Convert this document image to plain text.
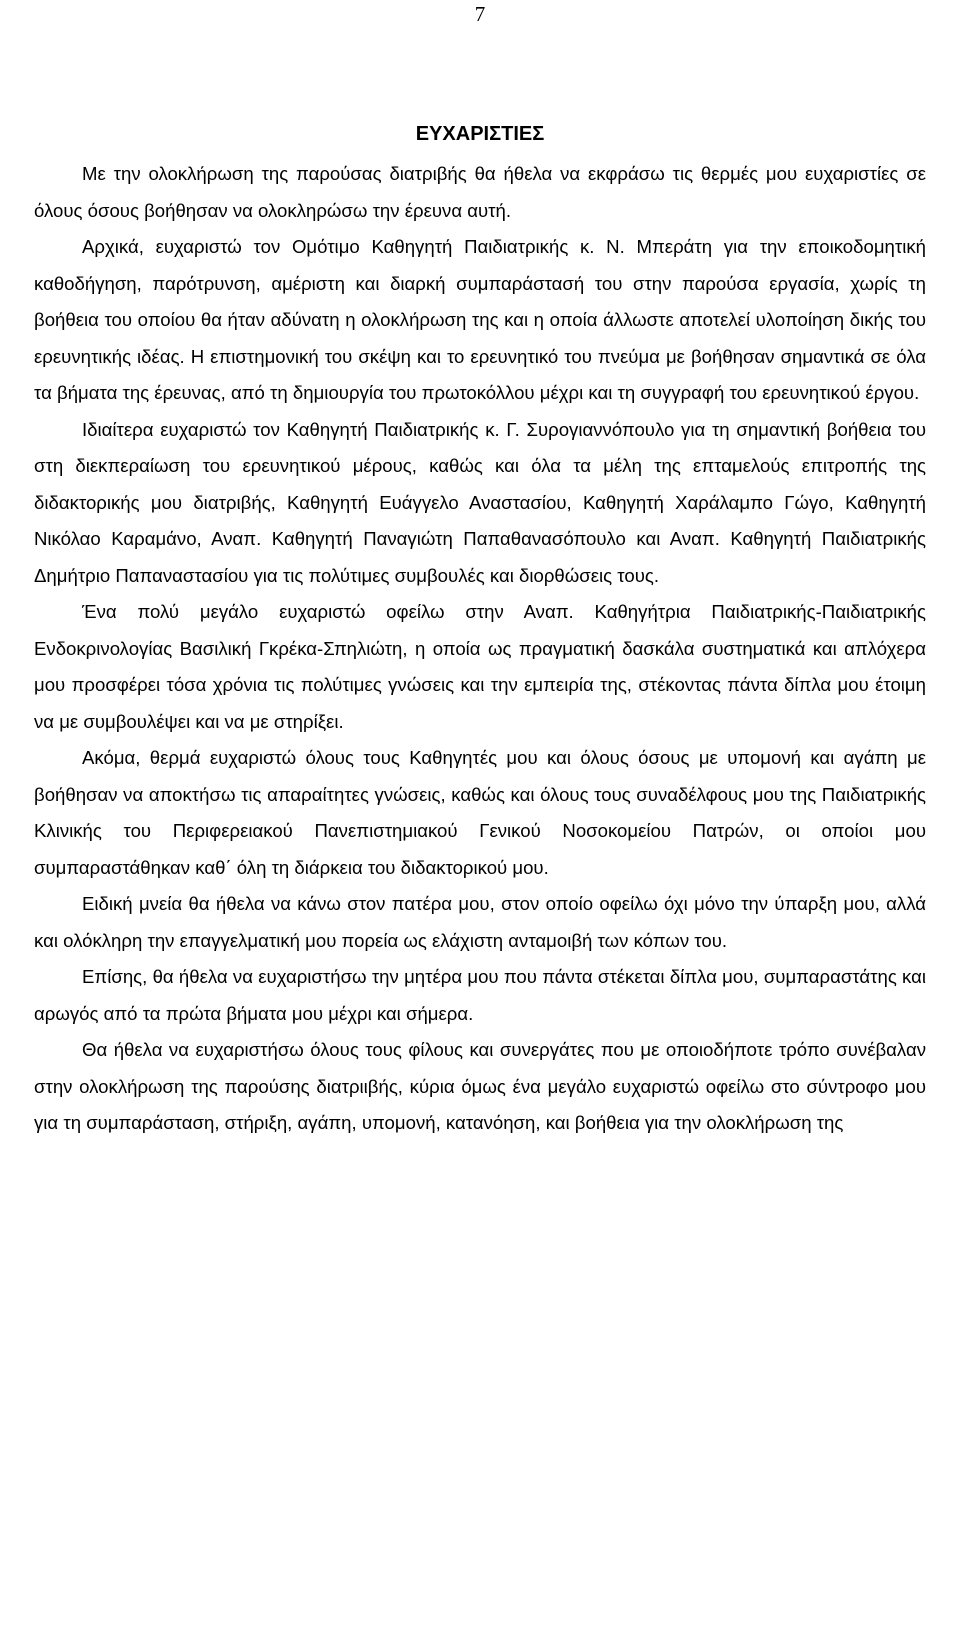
7
ΕΥΧΑΡΙΣΤΙΕΣ

Με την ολοκλήρωση της παρούσας διατριβής θα ήθελα να εκφράσω τις θερμές μου ευχαριστίες σε όλους όσους βοήθησαν να ολοκληρώσω την έρευνα αυτή.

Αρχικά, ευχαριστώ τον Ομότιμο Καθηγητή Παιδιατρικής κ. Ν. Μπεράτη για την εποικοδομητική καθοδήγηση, παρότρυνση, αμέριστη και διαρκή συμπαράστασή του στην παρούσα εργασία, χωρίς τη βοήθεια του οποίου θα ήταν αδύνατη η ολοκλήρωση της και η οποία άλλωστε αποτελεί υλοποίηση δικής του ερευνητικής ιδέας. Η επιστημονική του σκέψη και το ερευνητικό του πνεύμα με βοήθησαν σημαντικά σε όλα τα βήματα της έρευνας, από τη δημιουργία του πρωτοκόλλου μέχρι και τη συγγραφή του ερευνητικού έργου.

Ιδιαίτερα ευχαριστώ τον Καθηγητή Παιδιατρικής κ. Γ. Συρογιαννόπουλο για τη σημαντική βοήθεια του στη διεκπεραίωση του ερευνητικού μέρους, καθώς και όλα τα μέλη της επταμελούς επιτροπής της διδακτορικής μου διατριβής, Καθηγητή Ευάγγελο Αναστασίου, Καθηγητή Χαράλαμπο Γώγο, Καθηγητή Νικόλαο Καραμάνο, Αναπ. Καθηγητή Παναγιώτη Παπαθανασόπουλο και Αναπ. Καθηγητή Παιδιατρικής Δημήτριο Παπαναστασίου για τις πολύτιμες συμβουλές και διορθώσεις τους.

Ένα πολύ μεγάλο ευχαριστώ οφείλω στην Αναπ. Καθηγήτρια Παιδιατρικής-Παιδιατρικής Ενδοκρινολογίας Βασιλική Γκρέκα-Σπηλιώτη, η οποία ως πραγματική δασκάλα συστηματικά και απλόχερα μου προσφέρει τόσα χρόνια τις πολύτιμες γνώσεις και την εμπειρία της, στέκοντας πάντα δίπλα μου έτοιμη να με συμβουλέψει και να με στηρίξει.

Ακόμα, θερμά ευχαριστώ όλους τους Καθηγητές μου και όλους όσους με υπομονή και αγάπη με βοήθησαν να αποκτήσω τις απαραίτητες γνώσεις, καθώς και όλους τους συναδέλφους μου της Παιδιατρικής Κλινικής του Περιφερειακού Πανεπιστημιακού Γενικού Νοσοκομείου Πατρών, οι οποίοι μου συμπαραστάθηκαν καθ΄ όλη τη διάρκεια του διδακτορικού μου.

Ειδική μνεία θα ήθελα να κάνω στον πατέρα μου, στον οποίο οφείλω όχι μόνο την ύπαρξη μου, αλλά και ολόκληρη την επαγγελματική μου πορεία ως ελάχιστη ανταμοιβή των κόπων του.

Επίσης, θα ήθελα να ευχαριστήσω την μητέρα μου που πάντα στέκεται δίπλα μου, συμπαραστάτης και αρωγός από τα πρώτα βήματα μου μέχρι και σήμερα.

Θα ήθελα να ευχαριστήσω όλους τους φίλους και συνεργάτες που με οποιοδήποτε τρόπο συνέβαλαν στην ολοκλήρωση της παρούσης διατριιβής, κύρια όμως ένα μεγάλο ευχαριστώ οφείλω στο σύντροφο μου για τη συμπαράσταση, στήριξη, αγάπη, υπομονή, κατανόηση, και βοήθεια για την ολοκλήρωση της
